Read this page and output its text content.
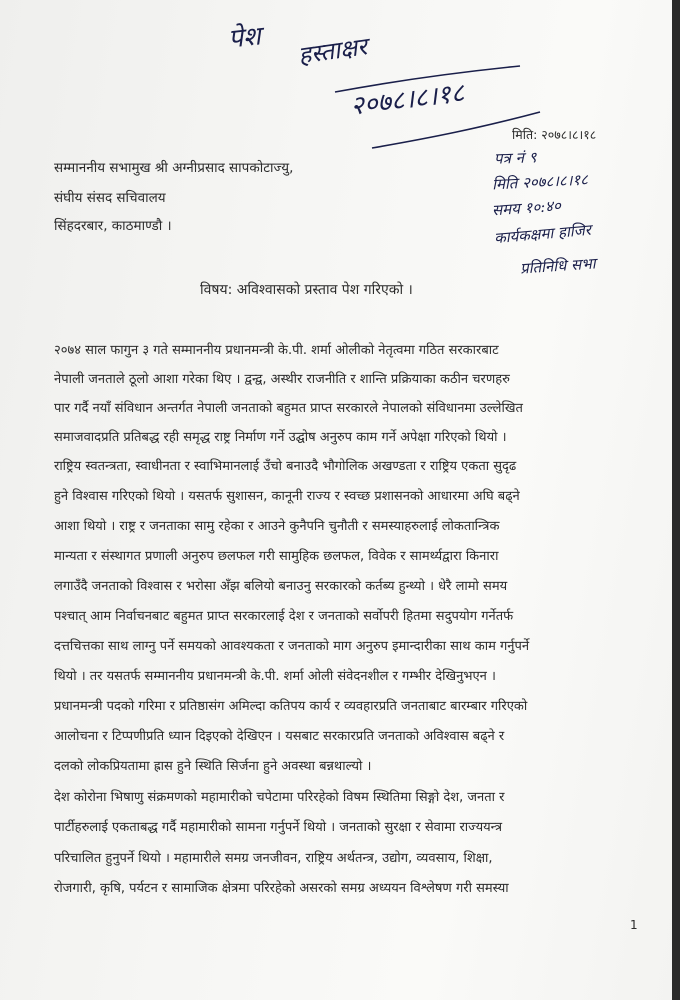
पेश हस्ताक्षर
२०७८।८।१८
पत्र नं ९
मिति २०७८।८।१८
समय १०:४०
कार्यकक्षमा हाजिर
प्रतिनिधि सभा
मिति: २०७८।८।१८
सम्माननीय सभामुख श्री अग्नीप्रसाद सापकोटाज्यु,
संघीय संसद सचिवालय
सिंहदरबार, काठमाण्डौ ।
विषय: अविश्वासको प्रस्ताव पेश गरिएको ।
२०७४ साल फागुन ३ गते सम्माननीय प्रधानमन्त्री के.पी. शर्मा ओलीको नेतृत्वमा गठित सरकारबाट
नेपाली जनताले ठूलो आशा गरेका थिए । द्वन्द्व, अस्थीर राजनीति र शान्ति प्रक्रियाका कठीन चरणहरु
पार गर्दै नयाँ संविधान अन्तर्गत नेपाली जनताको बहुमत प्राप्त सरकारले नेपालको संविधानमा उल्लेखित
समाजवादप्रति प्रतिबद्ध रही समृद्ध राष्ट्र निर्माण गर्ने उद्घोष अनुरुप काम गर्ने अपेक्षा गरिएको थियो ।
राष्ट्रिय स्वतन्त्रता, स्वाधीनता र स्वाभिमानलाई उँचो बनाउदै भौगोलिक अखण्डता र राष्ट्रिय एकता सुदृढ
हुने विश्वास गरिएको थियो । यसतर्फ सुशासन, कानूनी राज्य र स्वच्छ प्रशासनको आधारमा अघि बढ्ने
आशा थियो । राष्ट्र र जनताका सामु रहेका र आउने कुनैपनि चुनौती र समस्याहरुलाई लोकतान्त्रिक
मान्यता र संस्थागत प्रणाली अनुरुप छलफल गरी सामुहिक छलफल, विवेक र सामर्थ्यद्वारा किनारा
लगाउँदै जनताको विश्वास र भरोसा अँझ बलियो बनाउनु सरकारको कर्तब्य हुन्थ्यो । धेरै लामो समय
पश्चात् आम निर्वाचनबाट बहुमत प्राप्त सरकारलाई देश र जनताको सर्वोपरी हितमा सदुपयोग गर्नेतर्फ
दत्तचित्तका साथ लाग्नु पर्ने समयको आवश्यकता र जनताको माग अनुरुप इमान्दारीका साथ काम गर्नुपर्ने
थियो । तर यसतर्फ सम्माननीय प्रधानमन्त्री के.पी. शर्मा ओली संवेदनशील र गम्भीर देखिनुभएन ।
प्रधानमन्त्री पदको गरिमा र प्रतिष्ठासंग अमिल्दा कतिपय कार्य र व्यवहारप्रति जनताबाट बारम्बार गरिएको
आलोचना र टिप्पणीप्रति ध्यान दिइएको देखिएन । यसबाट सरकारप्रति जनताको अविश्वास बढ्ने र
दलको लोकप्रियतामा ह्रास हुने स्थिति सिर्जना हुने अवस्था बन्नथाल्यो ।
देश कोरोना भिषाणु संक्रमणको महामारीको चपेटामा परिरहेको विषम स्थितिमा सिङ्गो देश, जनता र
पार्टीहरुलाई एकताबद्ध गर्दै महामारीको सामना गर्नुपर्ने थियो । जनताको सुरक्षा र सेवामा राज्ययन्त्र
परिचालित हुनुपर्ने थियो । महामारीले समग्र जनजीवन, राष्ट्रिय अर्थतन्त्र, उद्योग, व्यवसाय, शिक्षा,
रोजगारी, कृषि, पर्यटन र सामाजिक क्षेत्रमा परिरहेको असरको समग्र अध्ययन विश्लेषण गरी समस्या
1
